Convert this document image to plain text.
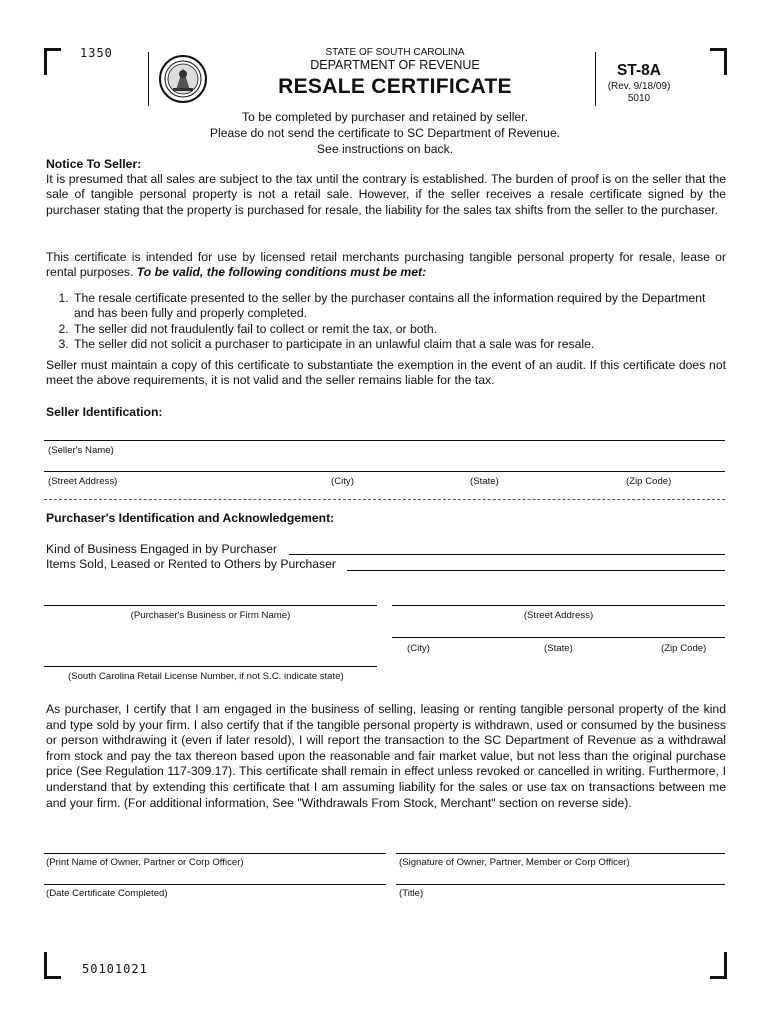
1350	STATE OF SOUTH CAROLINA
DEPARTMENT OF REVENUE
RESALE CERTIFICATE
ST-8A
(Rev. 9/18/09)
5010
To be completed by purchaser and retained by seller.
Please do not send the certificate to SC Department of Revenue.
See instructions on back.
Notice To Seller:
It is presumed that all sales are subject to the tax until the contrary is established. The burden of proof is on the seller that the sale of tangible personal property is not a retail sale. However, if the seller receives a resale certificate signed by the purchaser stating that the property is purchased for resale, the liability for the sales tax shifts from the seller to the purchaser.
This certificate is intended for use by licensed retail merchants purchasing tangible personal property for resale, lease or rental purposes. To be valid, the following conditions must be met:
1. The resale certificate presented to the seller by the purchaser contains all the information required by the Department and has been fully and properly completed.
2. The seller did not fraudulently fail to collect or remit the tax, or both.
3. The seller did not solicit a purchaser to participate in an unlawful claim that a sale was for resale.
Seller must maintain a copy of this certificate to substantiate the exemption in the event of an audit. If this certificate does not meet the above requirements, it is not valid and the seller remains liable for the tax.
Seller Identification:
(Seller's Name)
(Street Address)	(City)	(State)	(Zip Code)
Purchaser's Identification and Acknowledgement:
Kind of Business Engaged in by Purchaser
Items Sold, Leased or Rented to Others by Purchaser
(Purchaser's Business or Firm Name)	(Street Address)
(City)	(State)	(Zip Code)
(South Carolina Retail License Number, if not S.C. indicate state)
As purchaser, I certify that I am engaged in the business of selling, leasing or renting tangible personal property of the kind and type sold by your firm. I also certify that if the tangible personal property is withdrawn, used or consumed by the business or person withdrawing it (even if later resold), I will report the transaction to the SC Department of Revenue as a withdrawal from stock and pay the tax thereon based upon the reasonable and fair market value, but not less than the original purchase price (See Regulation 117-309.17). This certificate shall remain in effect unless revoked or cancelled in writing. Furthermore, I understand that by extending this certificate that I am assuming liability for the sales or use tax on transactions between me and your firm. (For additional information, See "Withdrawals From Stock, Merchant" section on reverse side).
(Print Name of Owner, Partner or Corp Officer)	(Signature of Owner, Partner, Member or Corp Officer)
(Date Certificate Completed)	(Title)
50101021
